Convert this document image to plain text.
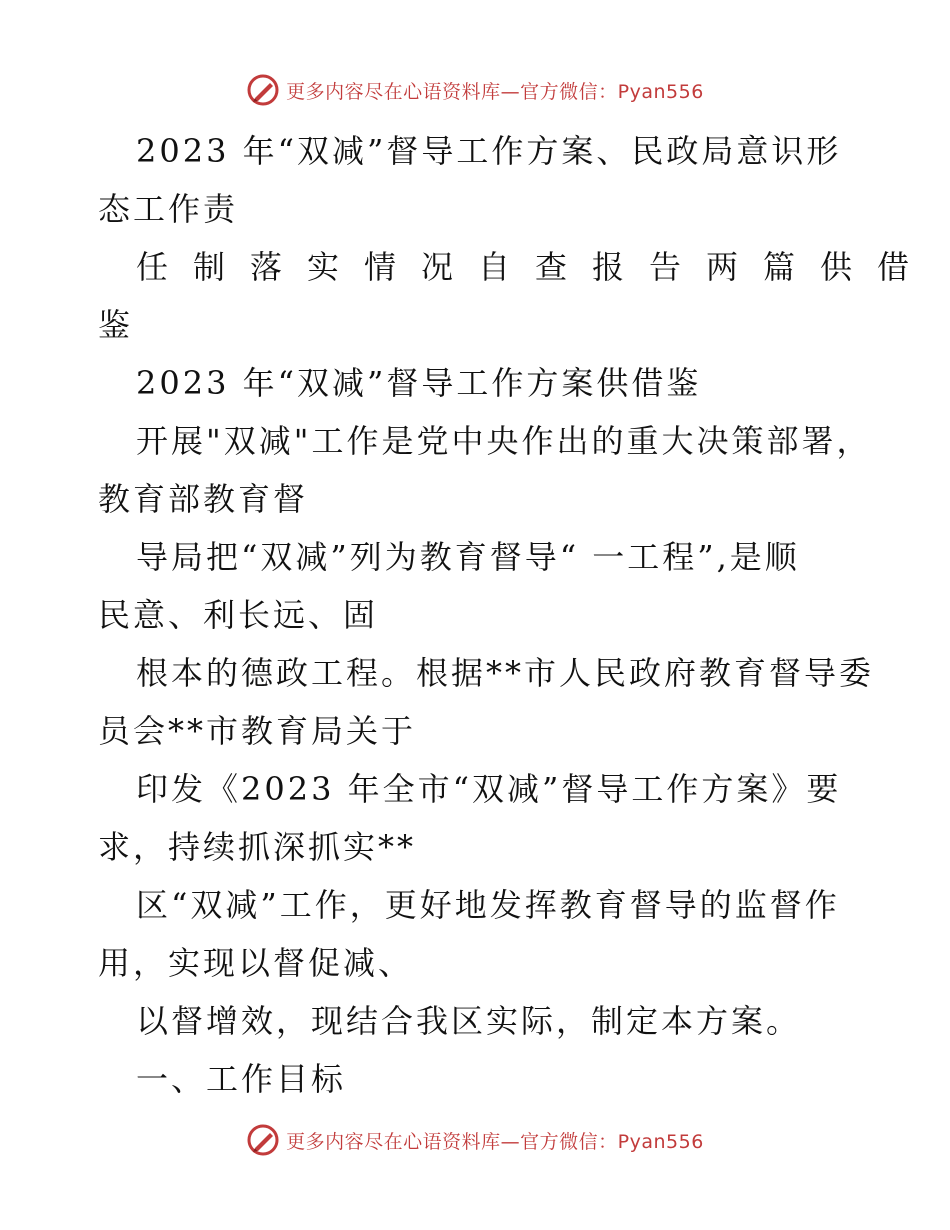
更多内容尽在心语资料库—官方微信：Pyan556
2023 年“双减”督导工作方案、民政局意识形
态工作责
任制落实情况自查报告两篇供借
鉴
2023 年“双减”督导工作方案供借鉴
开展"双减"工作是党中央作出的重大决策部署，
教育部教育督
导局把“双减”列为教育督导“ 一工程”,是顺
民意、利长远、固
根本的德政工程。根据**市人民政府教育督导委
员会**市教育局关于
印发《2023 年全市“双减”督导工作方案》要
求，持续抓深抓实**
区“双减”工作，更好地发挥教育督导的监督作
用，实现以督促减、
以督增效，现结合我区实际，制定本方案。
一、工作目标
更多内容尽在心语资料库—官方微信：Pyan556
